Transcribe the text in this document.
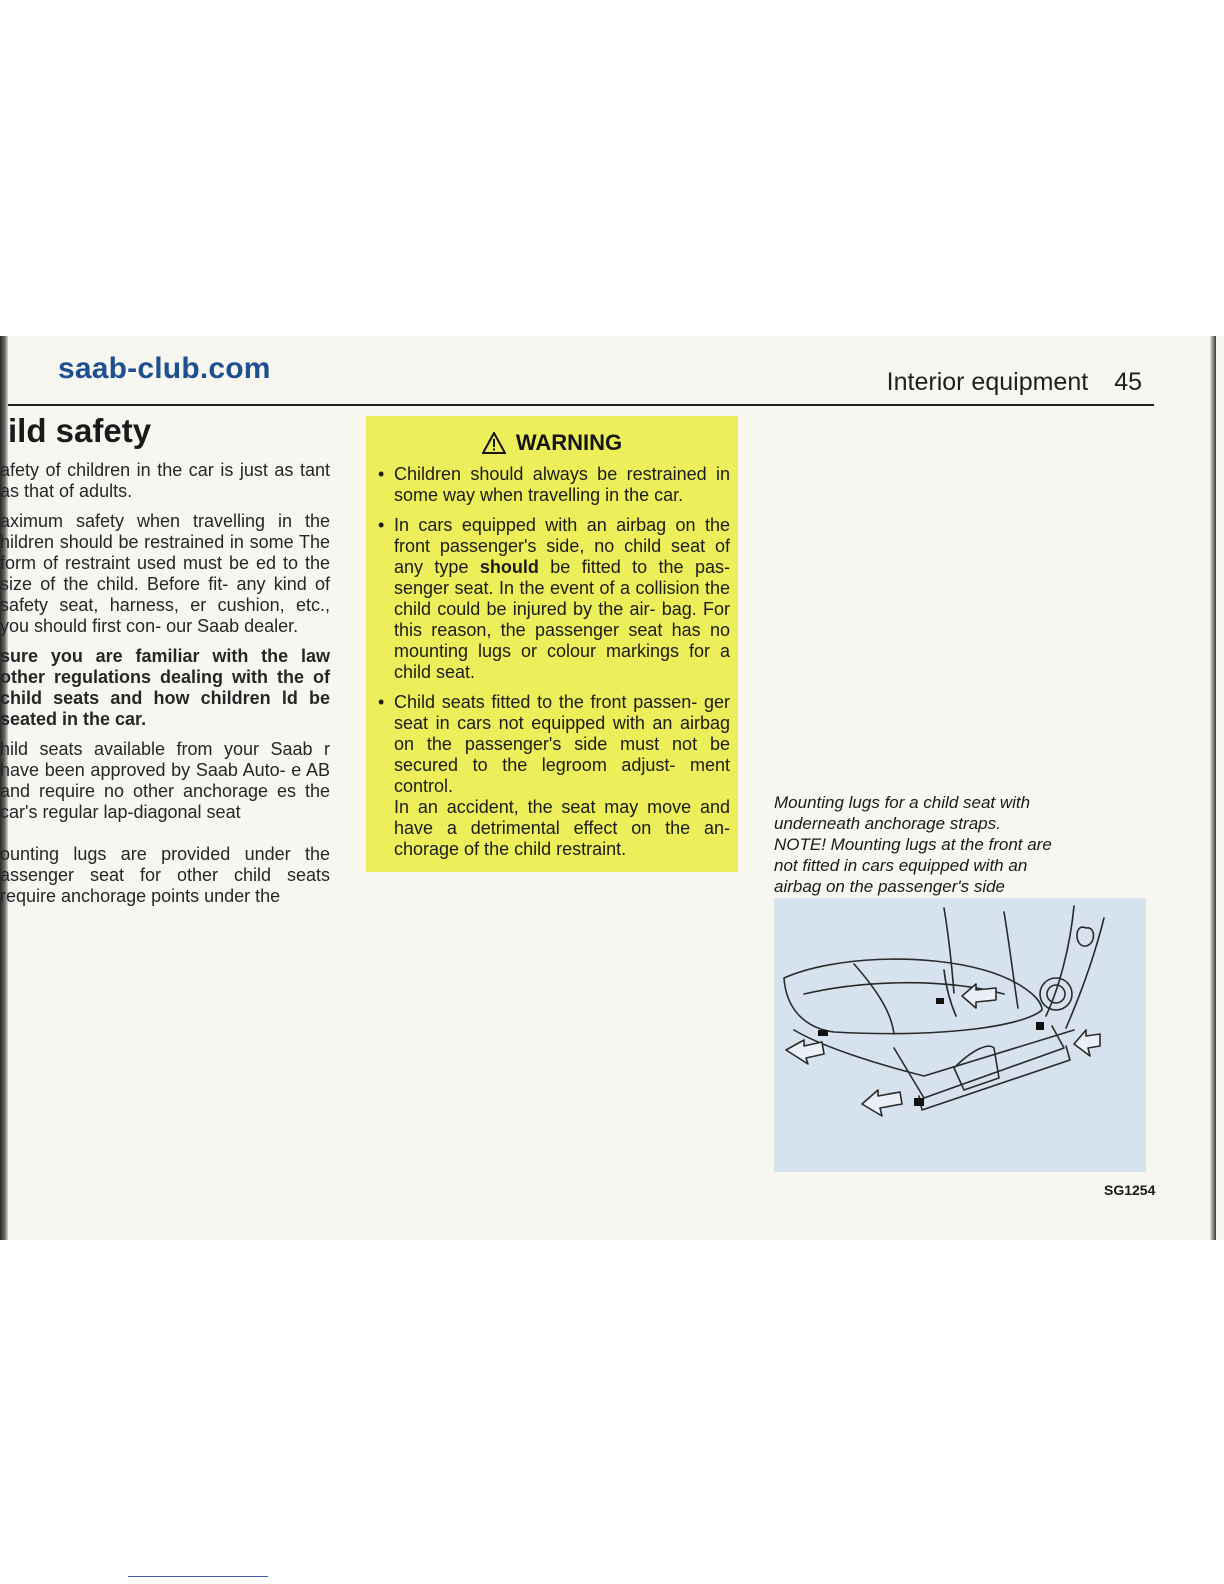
saab-club.com	Interior equipment 45
ild safety

afety of children in the car is just as tant as that of adults.

aximum safety when travelling in the hildren should be restrained in some The form of restraint used must be ed to the size of the child. Before fit- any kind of safety seat, harness, er cushion, etc., you should first con- our Saab dealer.

sure you are familiar with the law other regulations dealing with the of child seats and how children ld be seated in the car.

hild seats available from your Saab r have been approved by Saab Auto- e AB and require no other anchorage es the car's regular lap-diagonal seat

ounting lugs are provided under the assenger seat for other child seats require anchorage points under the

WARNING
• Children should always be restrained in some way when travelling in the car.

• In cars equipped with an airbag on the front passenger's side, no child seat of any type should be fitted to the pas- senger seat. In the event of a collision the child could be injured by the air- bag. For this reason, the passenger seat has no mounting lugs or colour markings for a child seat.

• Child seats fitted to the front passen- ger seat in cars not equipped with an airbag on the passenger's side must not be secured to the legroom adjust- ment control.

In an accident, the seat may move and have a detrimental effect on the an- chorage of the child restraint.

Mounting lugs for a child seat with
underneath anchorage straps.
NOTE! Mounting lugs at the front are
not fitted in cars equipped with an
airbag on the passenger's side
SG1254
